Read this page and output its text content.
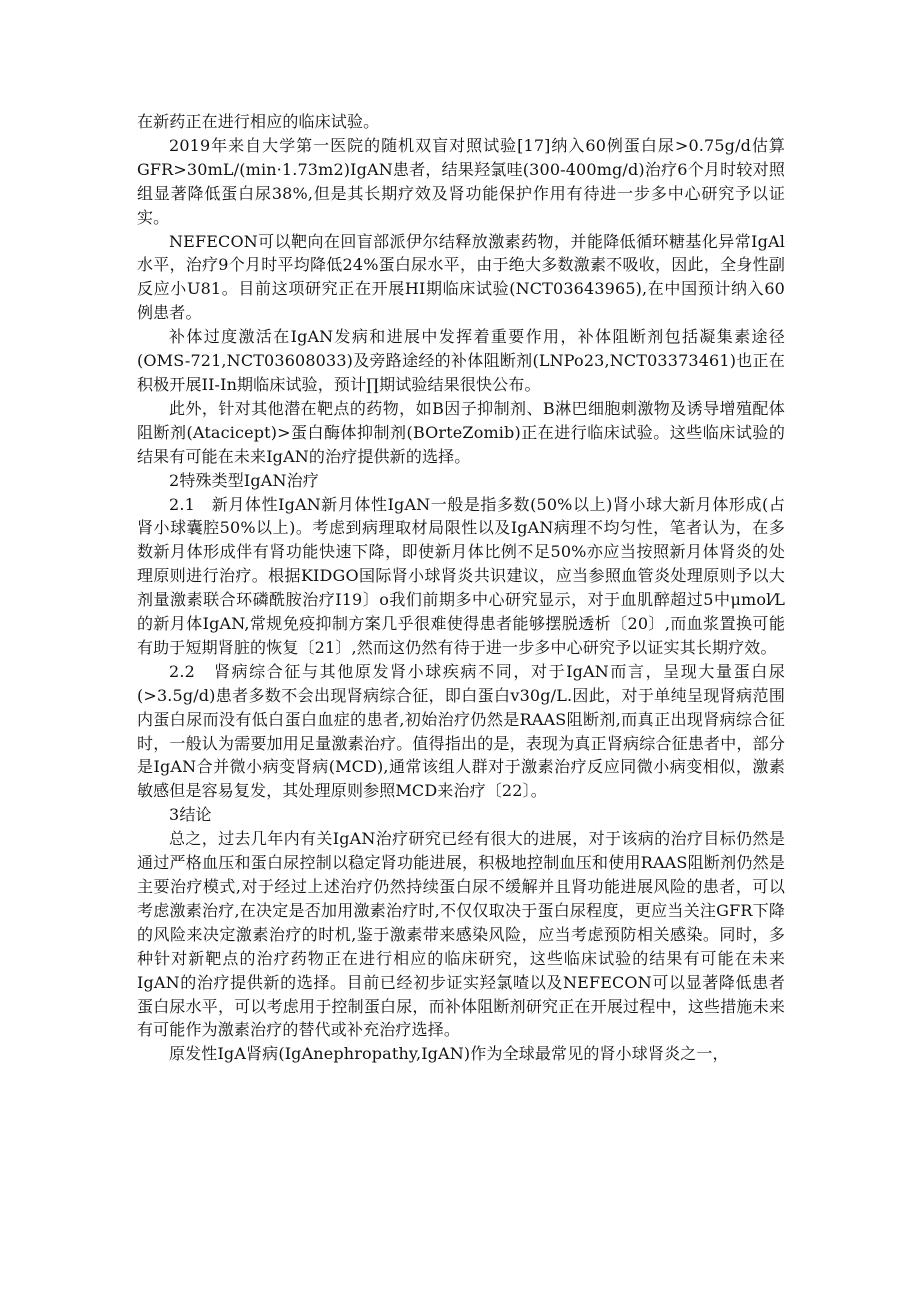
在新药正在进行相应的临床试验。

2019年来自大学第一医院的随机双盲对照试验[17]纳入60例蛋白尿>0.75g/d估算GFR>30mL/(min·1.73m2)IgAN患者，结果羟氯哇(300-400mg/d)治疗6个月时较对照组显著降低蛋白尿38%,但是其长期疗效及肾功能保护作用有待进一步多中心研究予以证实。

NEFECON可以靶向在回盲部派伊尔结释放激素药物，并能降低循环糖基化异常IgAl水平，治疗9个月时平均降低24%蛋白尿水平，由于绝大多数激素不吸收，因此，全身性副反应小U81。目前这项研究正在开展HI期临床试验(NCT03643965),在中国预计纳入60例患者。

补体过度激活在IgAN发病和进展中发挥着重要作用，补体阻断剂包括凝集素途径(OMS-721,NCT03608033)及旁路途经的补体阻断剂(LNPo23,NCT03373461)也正在积极开展II-In期临床试验，预计∏期试验结果很快公布。

此外，针对其他潜在靶点的药物，如B因子抑制剂、B淋巴细胞刺激物及诱导增殖配体阻断剂(Atacicept)>蛋白酶体抑制剂(BOrteZomib)正在进行临床试验。这些临床试验的结果有可能在未来IgAN的治疗提供新的选择。

2特殊类型IgAN治疗

2.1　新月体性IgAN新月体性IgAN一般是指多数(50%以上)肾小球大新月体形成(占肾小球囊腔50%以上)。考虑到病理取材局限性以及IgAN病理不均匀性，笔者认为，在多数新月体形成伴有肾功能快速下降，即使新月体比例不足50%亦应当按照新月体肾炎的处理原则进行治疗。根据KIDGO国际肾小球肾炎共识建议，应当参照血管炎处理原则予以大剂量激素联合环磷酰胺治疗I19〕o我们前期多中心研究显示，对于血肌醉超过5中μmol⁄L的新月体IgAN,常规免疫抑制方案几乎很难使得患者能够摆脱透析〔20〕,而血浆置换可能有助于短期肾脏的恢复〔21〕,然而这仍然有待于进一步多中心研究予以证实其长期疗效。

2.2　肾病综合征与其他原发肾小球疾病不同，对于IgAN而言，呈现大量蛋白尿(>3.5g/d)患者多数不会出现肾病综合征，即白蛋白v30g/L.因此，对于单纯呈现肾病范围内蛋白尿而没有低白蛋白血症的患者,初始治疗仍然是RAAS阻断剂,而真正出现肾病综合征时，一般认为需要加用足量激素治疗。值得指出的是，表现为真正肾病综合征患者中，部分是IgAN合并微小病变肾病(MCD),通常该组人群对于激素治疗反应同微小病变相似，激素敏感但是容易复发，其处理原则参照MCD来治疗〔22〕。

3结论

总之，过去几年内有关IgAN治疗研究已经有很大的进展，对于该病的治疗目标仍然是通过严格血压和蛋白尿控制以稳定肾功能进展，积极地控制血压和使用RAAS阻断剂仍然是主要治疗模式,对于经过上述治疗仍然持续蛋白尿不缓解并且肾功能进展风险的患者，可以考虑激素治疗,在决定是否加用激素治疗时,不仅仅取决于蛋白尿程度，更应当关注GFR下降的风险来决定激素治疗的时机,鉴于激素带来感染风险，应当考虑预防相关感染。同时，多种针对新靶点的治疗药物正在进行相应的临床研究，这些临床试验的结果有可能在未来IgAN的治疗提供新的选择。目前已经初步证实羟氯喳以及NEFECON可以显著降低患者蛋白尿水平，可以考虑用于控制蛋白尿，而补体阻断剂研究正在开展过程中，这些措施未来有可能作为激素治疗的替代或补充治疗选择。

原发性IgA肾病(IgAnephropathy,IgAN)作为全球最常见的肾小球肾炎之一，
